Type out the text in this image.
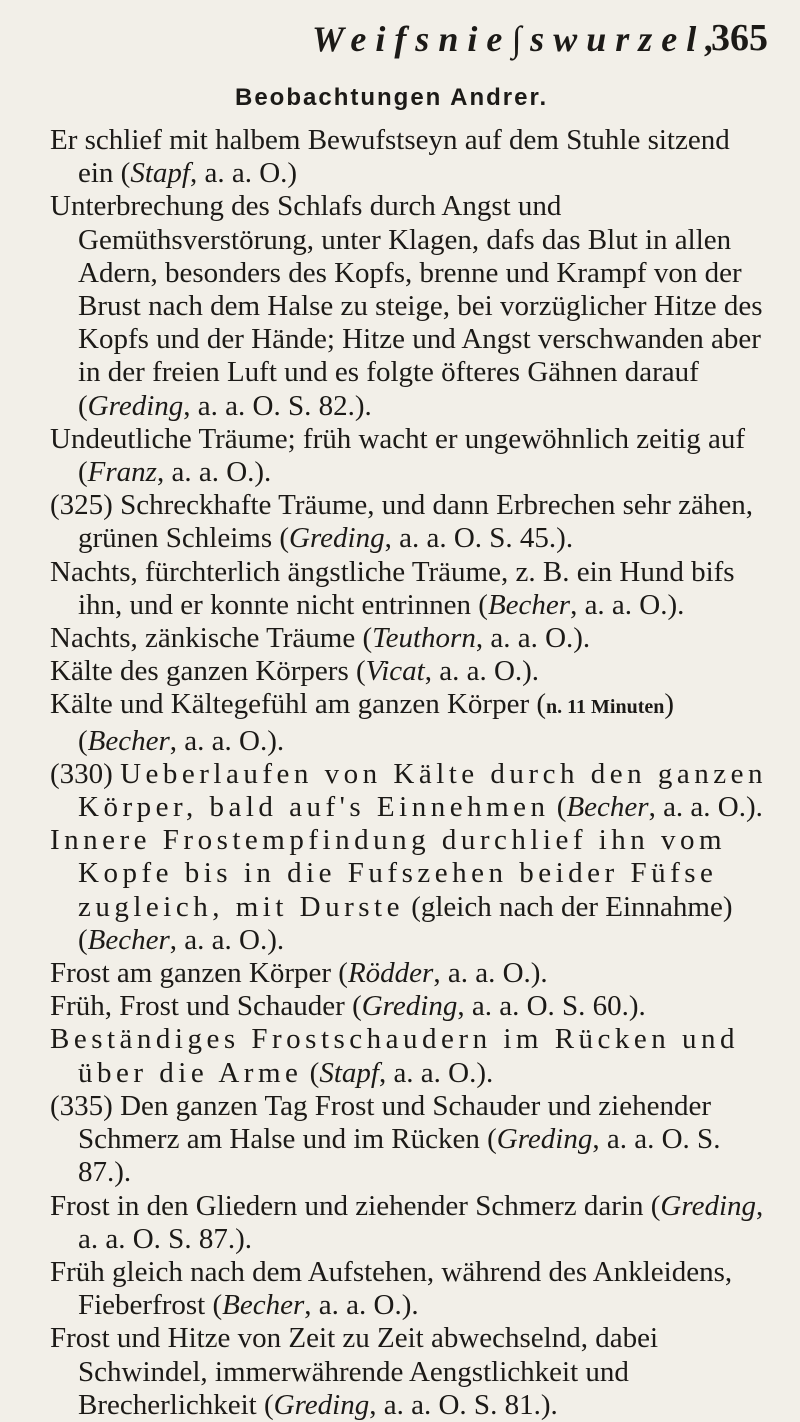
Weifsnie∫swurzel,
365
Beobachtungen Andrer.

Er schlief mit halbem Bewufstseyn auf dem Stuhle sitzend ein (Stapf, a. a. O.)

Unterbrechung des Schlafs durch Angst und Gemüthsverstörung, unter Klagen, dafs das Blut in allen Adern, besonders des Kopfs, brenne und Krampf von der Brust nach dem Halse zu steige, bei vorzüglicher Hitze des Kopfs und der Hände; Hitze und Angst verschwanden aber in der freien Luft und es folgte öfteres Gähnen darauf (Greding, a. a. O. S. 82.).

Undeutliche Träume; früh wacht er ungewöhnlich zeitig auf (Franz, a. a. O.).

(325) Schreckhafte Träume, und dann Erbrechen sehr zähen, grünen Schleims (Greding, a. a. O. S. 45.).

Nachts, fürchterlich ängstliche Träume, z. B. ein Hund bifs ihn, und er konnte nicht entrinnen (Becher, a. a. O.).

Nachts, zänkische Träume (Teuthorn, a. a. O.).

Kälte des ganzen Körpers (Vicat, a. a. O.).

Kälte und Kältegefühl am ganzen Körper (n. 11 Minuten) (Becher, a. a. O.).

(330) Ueberlaufen von Kälte durch den ganzen Körper, bald auf's Einnehmen (Becher, a. a. O.).

Innere Frostempfindung durchlief ihn vom Kopfe bis in die Fufszehen beider Füfse zugleich, mit Durste (gleich nach der Einnahme) (Becher, a. a. O.).

Frost am ganzen Körper (Rödder, a. a. O.).

Früh, Frost und Schauder (Greding, a. a. O. S. 60.).

Beständiges Frostschaudern im Rücken und über die Arme (Stapf, a. a. O.).

(335) Den ganzen Tag Frost und Schauder und ziehender Schmerz am Halse und im Rücken (Greding, a. a. O. S. 87.).

Frost in den Gliedern und ziehender Schmerz darin (Greding, a. a. O. S. 87.).

Früh gleich nach dem Aufstehen, während des Ankleidens, Fieberfrost (Becher, a. a. O.).

Frost und Hitze von Zeit zu Zeit abwechselnd, dabei Schwindel, immerwährende Aengstlichkeit und Brecherlichkeit (Greding, a. a. O. S. 81.).
